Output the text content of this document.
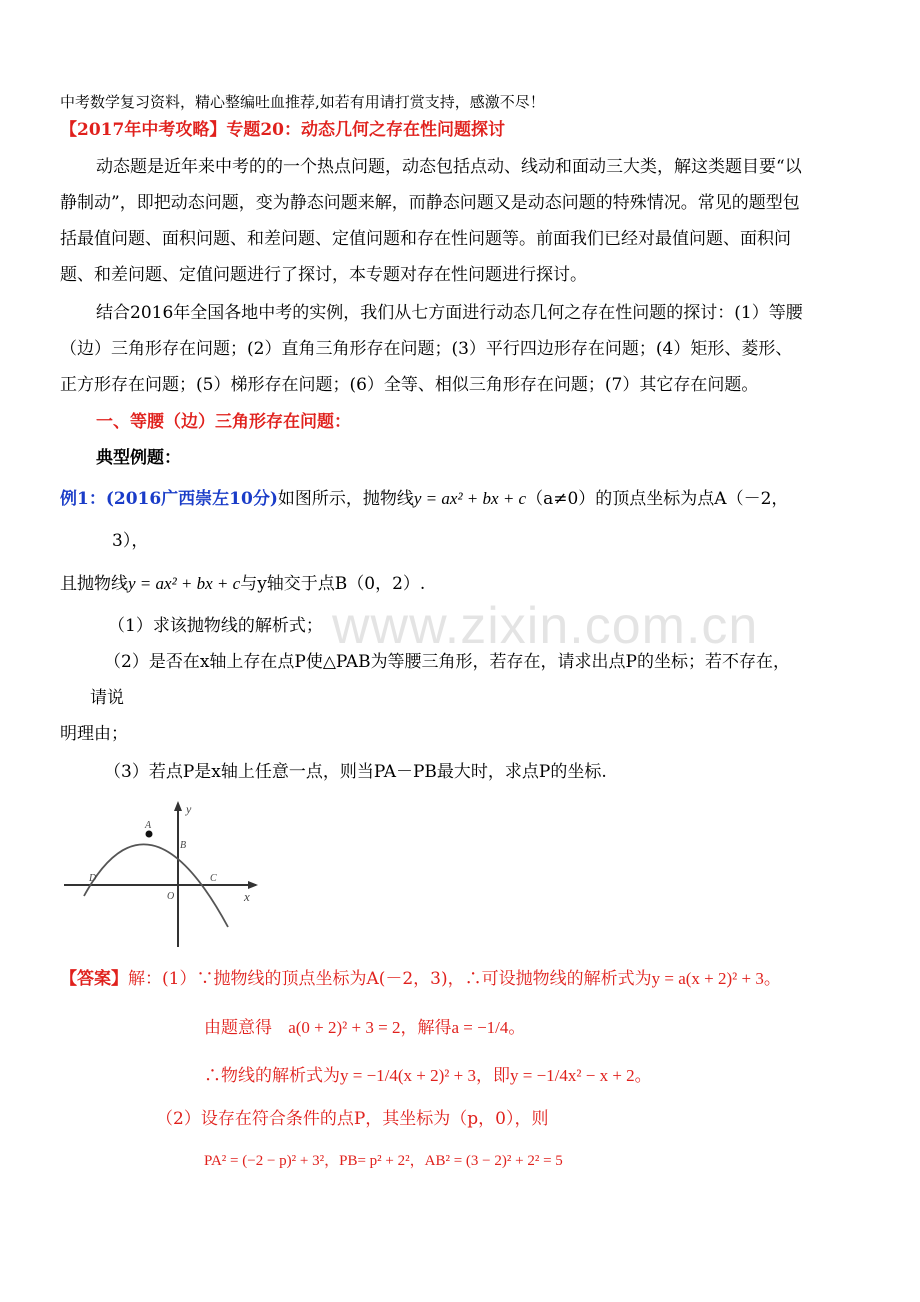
中考数学复习资料，精心整编吐血推荐,如若有用请打赏支持，感激不尽！
【2017年中考攻略】专题20：动态几何之存在性问题探讨
动态题是近年来中考的的一个热点问题，动态包括点动、线动和面动三大类，解这类题目要“以
静制动”，即把动态问题，变为静态问题来解，而静态问题又是动态问题的特殊情况。常见的题型包
括最值问题、面积问题、和差问题、定值问题和存在性问题等。前面我们已经对最值问题、面积问
题、和差问题、定值问题进行了探讨，本专题对存在性问题进行探讨。
结合2016年全国各地中考的实例，我们从七方面进行动态几何之存在性问题的探讨：(1）等腰
（边）三角形存在问题；(2）直角三角形存在问题；(3）平行四边形存在问题；(4）矩形、菱形、
正方形存在问题；(5）梯形存在问题；(6）全等、相似三角形存在问题；(7）其它存在问题。
一、等腰（边）三角形存在问题：
典型例题：
例1：(2016广西崇左10分)如图所示，抛物线y = ax² + bx + c（a≠0）的顶点坐标为点A（－2，
3），
且抛物线y = ax² + bx + c与y轴交于点B（0，2）.
（1）求该抛物线的解析式；
（2）是否在x轴上存在点P使△PAB为等腰三角形，若存在，请求出点P的坐标；若不存在，
请说
明理由；
（3）若点P是x轴上任意一点，则当PA－PB最大时，求点P的坐标.
y
x
A
B
C
D
O
www.zixin.com.cn
【答案】解：(1）∵抛物线的顶点坐标为A(－2，3)，∴可设抛物线的解析式为y = a(x + 2)² + 3。
由题意得 a(0 + 2)² + 3 = 2，解得a = −1/4。
∴物线的解析式为y = −1/4(x + 2)² + 3，即y = −1/4x² − x + 2。
（2）设存在符合条件的点P，其坐标为（p，0），则
PA² = (−2 − p)² + 3²，PB= p² + 2²，AB² = (3 − 2)² + 2² = 5
